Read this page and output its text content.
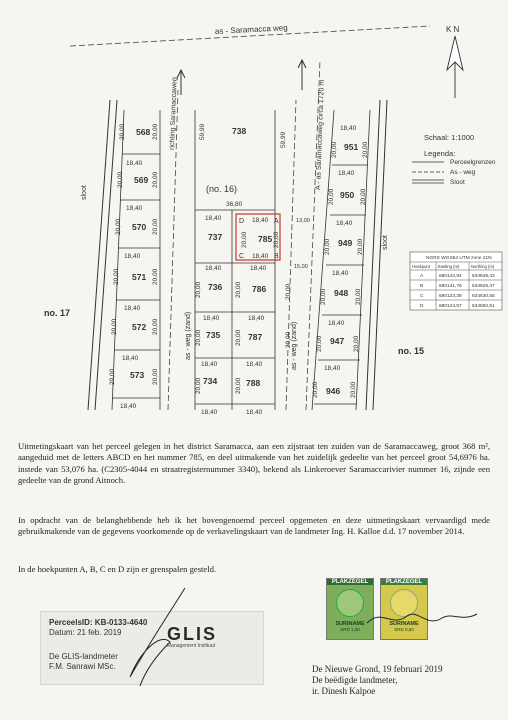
as - Saramacca weg
sloot
568
569
570
571
572
573
18,40
18,40
18,40
18,40
18,40
18,40
20,00
20,00
20,00
20,00
20,00
20,00
20,00
20,00
20,00
20,00
20,00
20,00
richting Saramaccaweg	738
59,99	59,99
(no. 16)
36,80
13,00
15,00
D	A
C	B
737
736
735
734
785
786
787
788
18,40	18,40
18,40
18,40	18,40
18,40	18,40
18,40	18,40
18,40	18,40
20,00	20,00
20,00
20,00
20,00
20,00
20,00
20,00
20,00
20,00
as - weg (zand)	as - weg (zand)
A - as Saramaccaweg circa 1720 m 951
950
949
948
947
946
18,40
18,40
18,40
18,40
18,40
18,40
20,00
20,00
20,00
20,00
20,00
20,00
20,00
20,00
20,00
20,00
20,00
20,00
sloot
no. 17
no. 15
K N
Schaal: 1:1000
Legenda:
Perceelgrenzen
As - weg
Sloot
NGRS WGS84 UTM zone 21N
Hoekpunt Easting (m)	Northing (m)
A	680142,94 634649,43
B	680141,76 634629,47
C	680123,39 634630,55
D	680124,57 634650,51

Uitmetingskaart van het perceel gelegen in het district Saramacca, aan een zijstraat ten zuiden van de Saramaccaweg, groot 368 m², aangeduid met de letters ABCD en het nummer 785, en deel uitmakende van het zuidelijk gedeelte van het perceel groot 54,6976 ha. instede van 53,076 ha. (C2305-4044 en straatregisternummer 3340), bekend als Linkeroever Saramaccarivier nummer 16, zijnde een gedeelte van de grond Aitnoch.

In opdracht van de belanghebbende heb ik het bovengenoemd perceel opgemeten en deze uitmetingskaart vervaardigd mede gebruikmakende van de gegevens voorkomende op de verkavelingskaart van de landmeter Ing. H. Kalloe d.d. 17 november 2014.

In de hoekpunten A, B, C en D zijn er grenspalen gesteld.

PerceelsID: KB-0133-4640
Datum: 21 feb. 2019
De GLIS-landmeter
F.M. Sanrawi MSc.
GLIS
Management Instituut
PLAKZEGEL
SURINAME
SRD 1,00
PLAKZEGEL
SURINAME
SRD 0,50
De Nieuwe Grond, 19 februari 2019
De beëdigde landmeter,
ir. Dinesh Kalpoe
